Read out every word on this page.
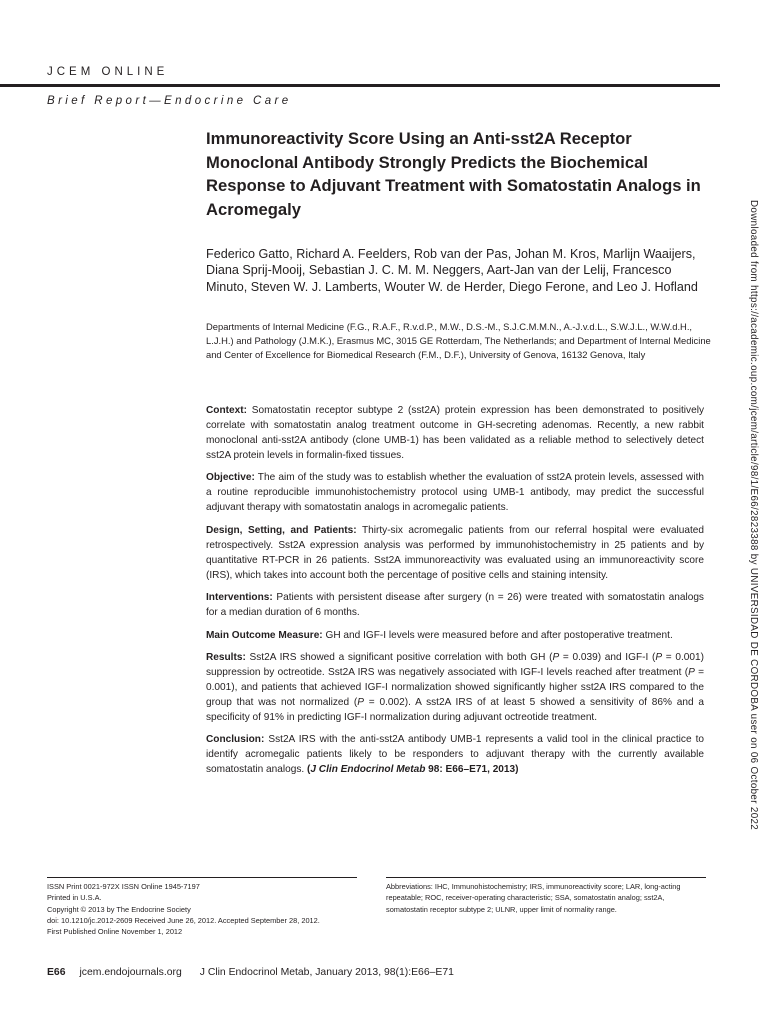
JCEM ONLINE
Brief Report—Endocrine Care
Immunoreactivity Score Using an Anti-sst2A Receptor Monoclonal Antibody Strongly Predicts the Biochemical Response to Adjuvant Treatment with Somatostatin Analogs in Acromegaly
Federico Gatto, Richard A. Feelders, Rob van der Pas, Johan M. Kros, Marlijn Waaijers, Diana Sprij-Mooij, Sebastian J. C. M. M. Neggers, Aart-Jan van der Lelij, Francesco Minuto, Steven W. J. Lamberts, Wouter W. de Herder, Diego Ferone, and Leo J. Hofland
Departments of Internal Medicine (F.G., R.A.F., R.v.d.P., M.W., D.S.-M., S.J.C.M.M.N., A.-J.v.d.L., S.W.J.L., W.W.d.H., L.J.H.) and Pathology (J.M.K.), Erasmus MC, 3015 GE Rotterdam, The Netherlands; and Department of Internal Medicine and Center of Excellence for Biomedical Research (F.M., D.F.), University of Genova, 16132 Genova, Italy

Context: Somatostatin receptor subtype 2 (sst2A) protein expression has been demonstrated to positively correlate with somatostatin analog treatment outcome in GH-secreting adenomas. Recently, a new rabbit monoclonal anti-sst2A antibody (clone UMB-1) has been validated as a reliable method to selectively detect sst2A protein levels in formalin-fixed tissues.

Objective: The aim of the study was to establish whether the evaluation of sst2A protein levels, assessed with a routine reproducible immunohistochemistry protocol using UMB-1 antibody, may predict the successful adjuvant therapy with somatostatin analogs in acromegalic patients.

Design, Setting, and Patients: Thirty-six acromegalic patients from our referral hospital were evaluated retrospectively. Sst2A expression analysis was performed by immunohistochemistry in 25 patients and by quantitative RT-PCR in 26 patients. Sst2A immunoreactivity was evaluated using an immunoreactivity score (IRS), which takes into account both the percentage of positive cells and staining intensity.

Interventions: Patients with persistent disease after surgery (n = 26) were treated with somatostatin analogs for a median duration of 6 months.

Main Outcome Measure: GH and IGF-I levels were measured before and after postoperative treatment.

Results: Sst2A IRS showed a significant positive correlation with both GH (P = 0.039) and IGF-I (P = 0.001) suppression by octreotide. Sst2A IRS was negatively associated with IGF-I levels reached after treatment (P = 0.001), and patients that achieved IGF-I normalization showed significantly higher sst2A IRS compared to the group that was not normalized (P = 0.002). A sst2A IRS of at least 5 showed a sensitivity of 86% and a specificity of 91% in predicting IGF-I normalization during adjuvant octreotide treatment.

Conclusion: Sst2A IRS with the anti-sst2A antibody UMB-1 represents a valid tool in the clinical practice to identify acromegalic patients likely to be responders to adjuvant therapy with the currently available somatostatin analogs. (J Clin Endocrinol Metab 98: E66–E71, 2013)	Downloaded from https://academic.oup.com/jcem/article/98/1/E66/2823388 by UNIVERSIDAD DE CORDOBA user on 06 October 2022
ISSN Print 0021-972X ISSN Online 1945-7197
Printed in U.S.A.
Copyright © 2013 by The Endocrine Society
doi: 10.1210/jc.2012-2609 Received June 26, 2012. Accepted September 28, 2012.
First Published Online November 1, 2012
Abbreviations: IHC, Immunohistochemistry; IRS, immunoreactivity score; LAR, long-acting repeatable; ROC, receiver-operating characteristic; SSA, somatostatin analog; sst2A, somatostatin receptor subtype 2; ULNR, upper limit of normality range.
E66 jcem.endojournals.org J Clin Endocrinol Metab, January 2013, 98(1):E66–E71
